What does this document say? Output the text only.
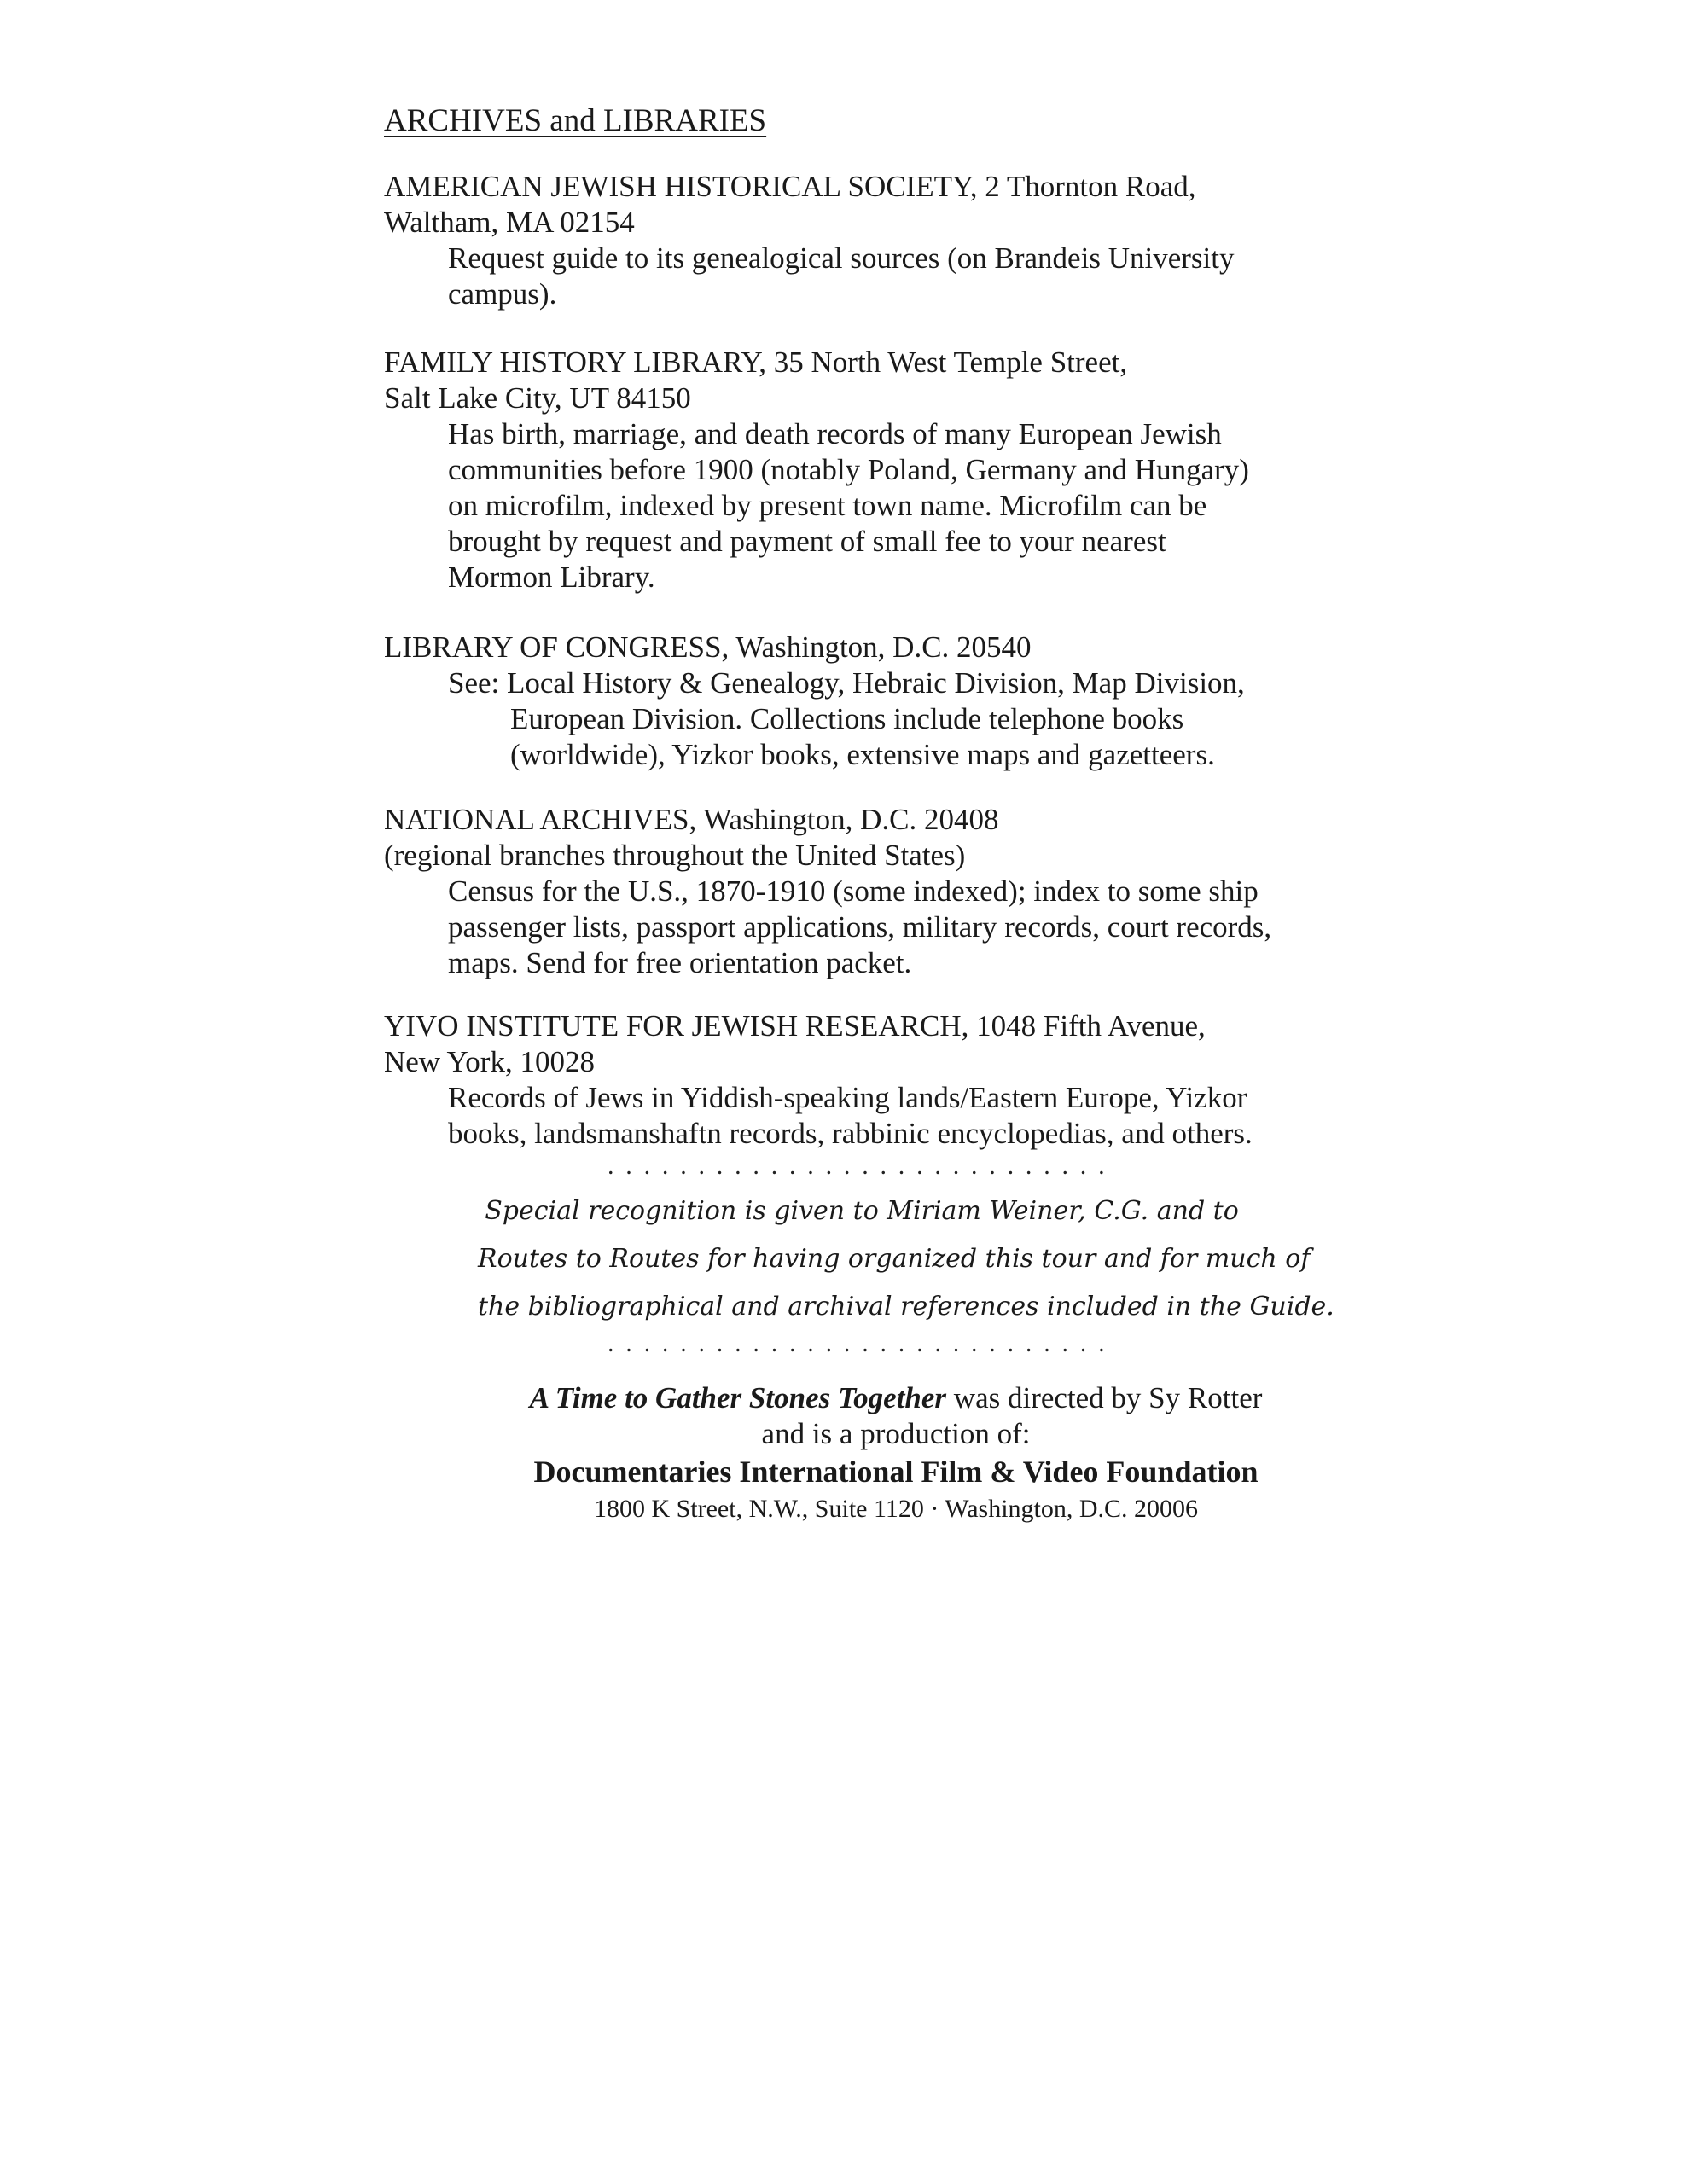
ARCHIVES and LIBRARIES
AMERICAN JEWISH HISTORICAL SOCIETY, 2 Thornton Road,
Waltham, MA 02154
Request guide to its genealogical sources (on Brandeis University
campus).
FAMILY HISTORY LIBRARY, 35 North West Temple Street,
Salt Lake City, UT 84150
Has birth, marriage, and death records of many European Jewish
communities before 1900 (notably Poland, Germany and Hungary)
on microfilm, indexed by present town name. Microfilm can be
brought by request and payment of small fee to your nearest
Mormon Library.
LIBRARY OF CONGRESS, Washington, D.C. 20540
See: Local History & Genealogy, Hebraic Division, Map Division,
European Division. Collections include telephone books
(worldwide), Yizkor books, extensive maps and gazetteers.
NATIONAL ARCHIVES, Washington, D.C. 20408
(regional branches throughout the United States)
Census for the U.S., 1870-1910 (some indexed); index to some ship
passenger lists, passport applications, military records, court records,
maps. Send for free orientation packet.
YIVO INSTITUTE FOR JEWISH RESEARCH, 1048 Fifth Avenue,
New York, 10028
Records of Jews in Yiddish-speaking lands/Eastern Europe, Yizkor
books, landsmanshaftn records, rabbinic encyclopedias, and others.
............................
Special recognition is given to Miriam Weiner, C.G. and to
Routes to Routes for having organized this tour and for much of
the bibliographical and archival references included in the Guide.
............................
A Time to Gather Stones Together was directed by Sy Rotter
and is a production of:
Documentaries International Film & Video Foundation
1800 K Street, N.W., Suite 1120 · Washington, D.C. 20006
